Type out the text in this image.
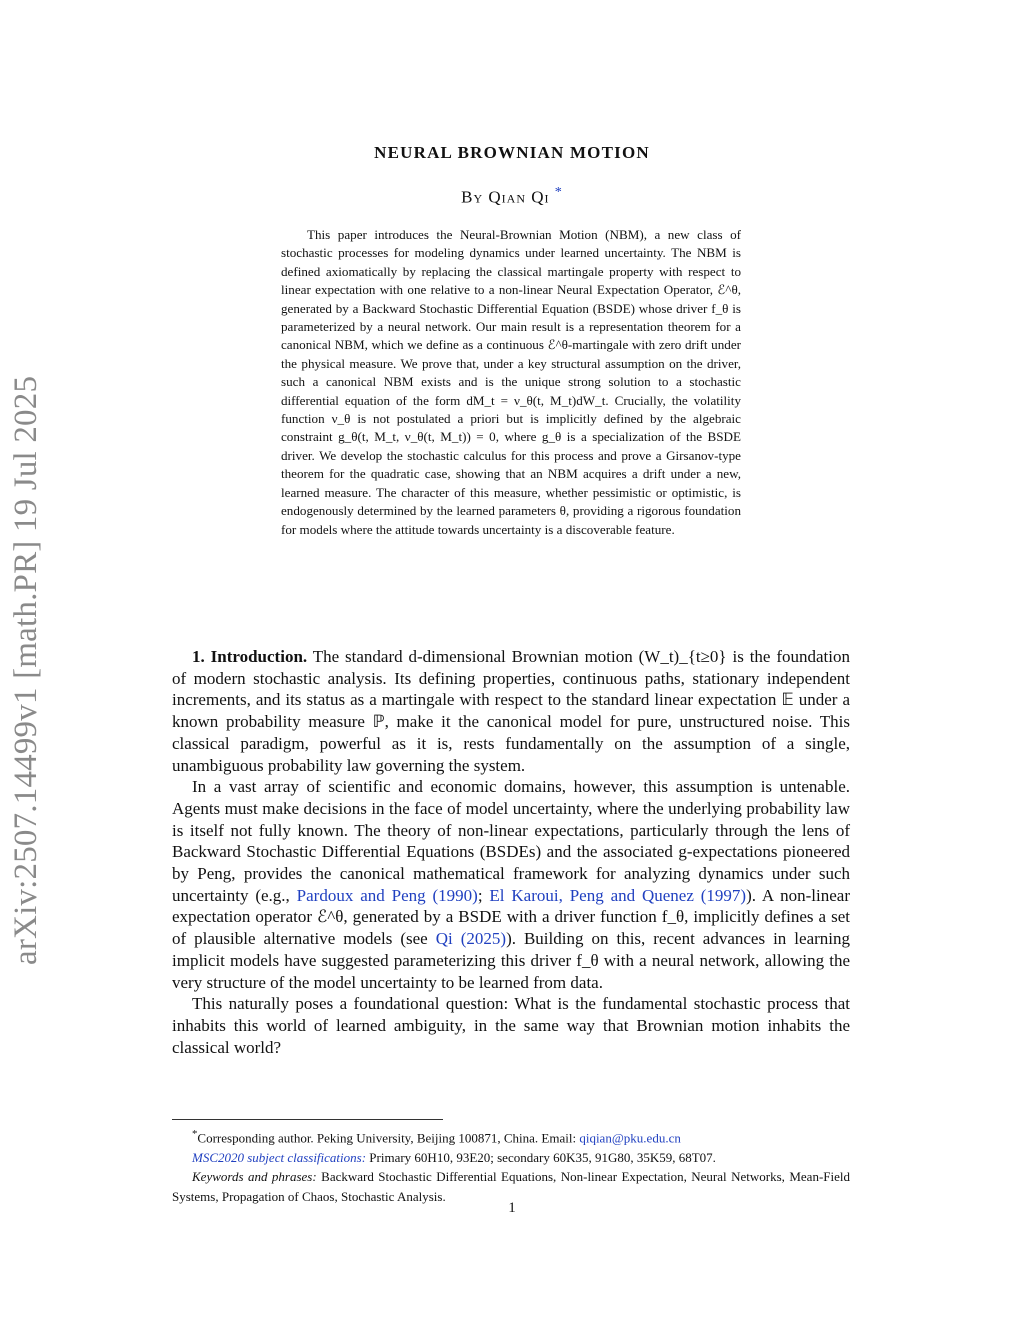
arXiv:2507.14499v1 [math.PR] 19 Jul 2025
NEURAL BROWNIAN MOTION
By Qian Qi *

This paper introduces the Neural-Brownian Motion (NBM), a new class of stochastic processes for modeling dynamics under learned uncertainty. The NBM is defined axiomatically by replacing the classical martingale property with respect to linear expectation with one relative to a non-linear Neural Expectation Operator, ℰ^θ, generated by a Backward Stochastic Differential Equation (BSDE) whose driver f_θ is parameterized by a neural network. Our main result is a representation theorem for a canonical NBM, which we define as a continuous ℰ^θ-martingale with zero drift under the physical measure. We prove that, under a key structural assumption on the driver, such a canonical NBM exists and is the unique strong solution to a stochastic differential equation of the form dM_t = ν_θ(t, M_t)dW_t. Crucially, the volatility function ν_θ is not postulated a priori but is implicitly defined by the algebraic constraint g_θ(t, M_t, ν_θ(t, M_t)) = 0, where g_θ is a specialization of the BSDE driver. We develop the stochastic calculus for this process and prove a Girsanov-type theorem for the quadratic case, showing that an NBM acquires a drift under a new, learned measure. The character of this measure, whether pessimistic or optimistic, is endogenously determined by the learned parameters θ, providing a rigorous foundation for models where the attitude towards uncertainty is a discoverable feature.

1. Introduction. The standard d-dimensional Brownian motion (W_t)_{t≥0} is the foundation of modern stochastic analysis. Its defining properties, continuous paths, stationary independent increments, and its status as a martingale with respect to the standard linear expectation 𝔼 under a known probability measure ℙ, make it the canonical model for pure, unstructured noise. This classical paradigm, powerful as it is, rests fundamentally on the assumption of a single, unambiguous probability law governing the system.

In a vast array of scientific and economic domains, however, this assumption is untenable. Agents must make decisions in the face of model uncertainty, where the underlying probability law is itself not fully known. The theory of non-linear expectations, particularly through the lens of Backward Stochastic Differential Equations (BSDEs) and the associated g-expectations pioneered by Peng, provides the canonical mathematical framework for analyzing dynamics under such uncertainty (e.g., Pardoux and Peng (1990); El Karoui, Peng and Quenez (1997)). A non-linear expectation operator ℰ^θ, generated by a BSDE with a driver function f_θ, implicitly defines a set of plausible alternative models (see Qi (2025)). Building on this, recent advances in learning implicit models have suggested parameterizing this driver f_θ with a neural network, allowing the very structure of the model uncertainty to be learned from data.

This naturally poses a foundational question: What is the fundamental stochastic process that inhabits this world of learned ambiguity, in the same way that Brownian motion inhabits the classical world?

*Corresponding author. Peking University, Beijing 100871, China. Email: qiqian@pku.edu.cn

MSC2020 subject classifications: Primary 60H10, 93E20; secondary 60K35, 91G80, 35K59, 68T07.

Keywords and phrases: Backward Stochastic Differential Equations, Non-linear Expectation, Neural Networks, Mean-Field Systems, Propagation of Chaos, Stochastic Analysis.

1
